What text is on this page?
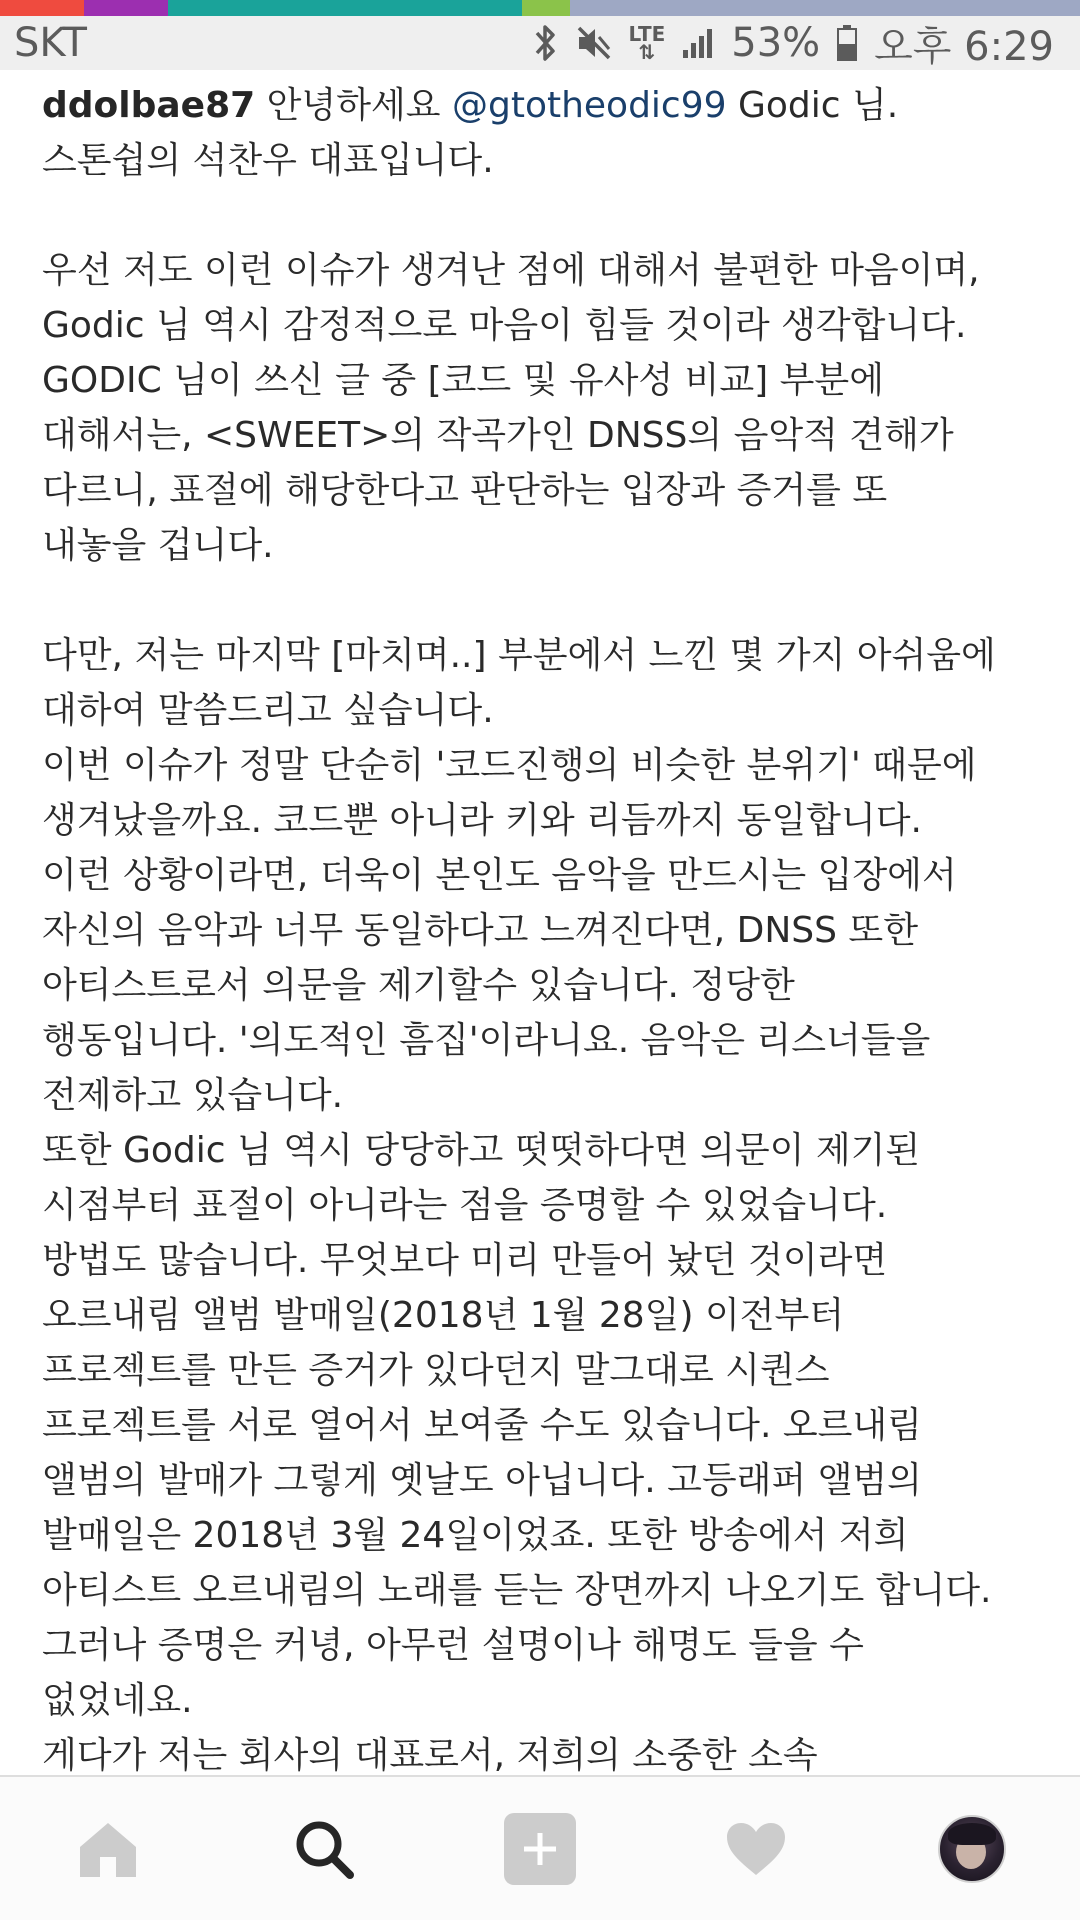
SKT	LTE
⇅ 53% 오후 6:29

ddolbae87 안녕하세요 @gtotheodic99 Godic 님.

스톤쉽의 석찬우 대표입니다.

우선 저도 이런 이슈가 생겨난 점에 대해서 불편한 마음이며,

Godic 님 역시 감정적으로 마음이 힘들 것이라 생각합니다.

GODIC 님이 쓰신 글 중 [코드 및 유사성 비교] 부분에

대해서는, <SWEET>의 작곡가인 DNSS의 음악적 견해가

다르니, 표절에 해당한다고 판단하는 입장과 증거를 또

내놓을 겁니다.

다만, 저는 마지막 [마치며..] 부분에서 느낀 몇 가지 아쉬움에

대하여 말씀드리고 싶습니다.

이번 이슈가 정말 단순히 '코드진행의 비슷한 분위기' 때문에

생겨났을까요. 코드뿐 아니라 키와 리듬까지 동일합니다.

이런 상황이라면, 더욱이 본인도 음악을 만드시는 입장에서

자신의 음악과 너무 동일하다고 느껴진다면, DNSS 또한

아티스트로서 의문을 제기할수 있습니다. 정당한

행동입니다. '의도적인 흠집'이라니요. 음악은 리스너들을

전제하고 있습니다.

또한 Godic 님 역시 당당하고 떳떳하다면 의문이 제기된

시점부터 표절이 아니라는 점을 증명할 수 있었습니다.

방법도 많습니다. 무엇보다 미리 만들어 놨던 것이라면

오르내림 앨범 발매일(2018년 1월 28일) 이전부터

프로젝트를 만든 증거가 있다던지 말그대로 시퀀스

프로젝트를 서로 열어서 보여줄 수도 있습니다. 오르내림

앨범의 발매가 그렇게 옛날도 아닙니다. 고등래퍼 앨범의

발매일은 2018년 3월 24일이었죠. 또한 방송에서 저희

아티스트 오르내림의 노래를 듣는 장면까지 나오기도 합니다.

그러나 증명은 커녕, 아무런 설명이나 해명도 들을 수

없었네요.

게다가 저는 회사의 대표로서, 저희의 소중한 소속
